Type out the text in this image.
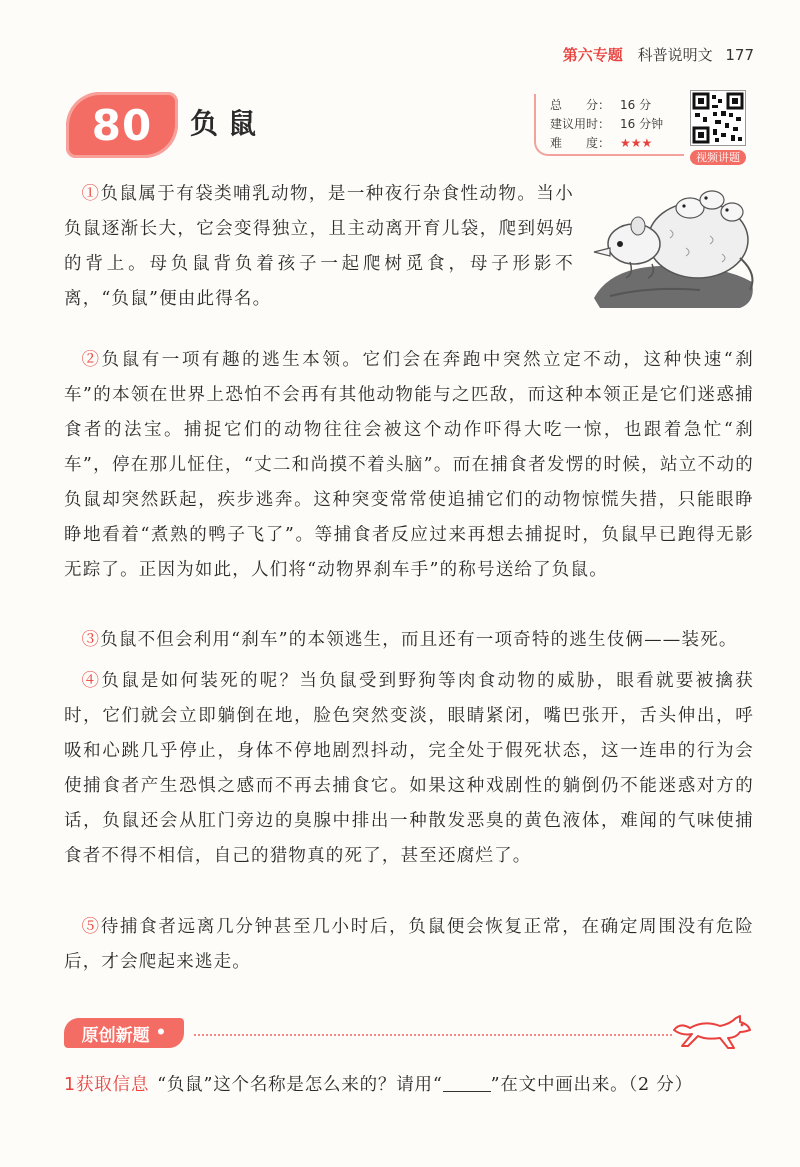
第六专题 科普说明文 177
80 负鼠
总　　分： 16 分
建议用时： 16 分钟
难　　度： ★★★
视频讲题
①负鼠属于有袋类哺乳动物，是一种夜行杂食性动物。当小负鼠逐渐长大，它会变得独立，且主动离开育儿袋，爬到妈妈的背上。母负鼠背负着孩子一起爬树觅食，母子形影不离，“负鼠”便由此得名。
②负鼠有一项有趣的逃生本领。它们会在奔跑中突然立定不动，这种快速“刹车”的本领在世界上恐怕不会再有其他动物能与之匹敌，而这种本领正是它们迷惑捕食者的法宝。捕捉它们的动物往往会被这个动作吓得大吃一惊，也跟着急忙“刹车”，停在那儿怔住，“丈二和尚摸不着头脑”。而在捕食者发愣的时候，站立不动的负鼠却突然跃起，疾步逃奔。这种突变常常使追捕它们的动物惊慌失措，只能眼睁睁地看着“煮熟的鸭子飞了”。等捕食者反应过来再想去捕捉时，负鼠早已跑得无影无踪了。正因为如此，人们将“动物界刹车手”的称号送给了负鼠。
③负鼠不但会利用“刹车”的本领逃生，而且还有一项奇特的逃生伎俩——装死。
④负鼠是如何装死的呢？当负鼠受到野狗等肉食动物的威胁，眼看就要被擒获时，它们就会立即躺倒在地，脸色突然变淡，眼睛紧闭，嘴巴张开，舌头伸出，呼吸和心跳几乎停止，身体不停地剧烈抖动，完全处于假死状态，这一连串的行为会使捕食者产生恐惧之感而不再去捕食它。如果这种戏剧性的躺倒仍不能迷惑对方的话，负鼠还会从肛门旁边的臭腺中排出一种散发恶臭的黄色液体，难闻的气味使捕食者不得不相信，自己的猎物真的死了，甚至还腐烂了。
⑤待捕食者远离几分钟甚至几小时后，负鼠便会恢复正常，在确定周围没有危险后，才会爬起来逃走。
原创新题 •
1获取信息 “负鼠”这个名称是怎么来的？请用“	”在文中画出来。（2 分）
